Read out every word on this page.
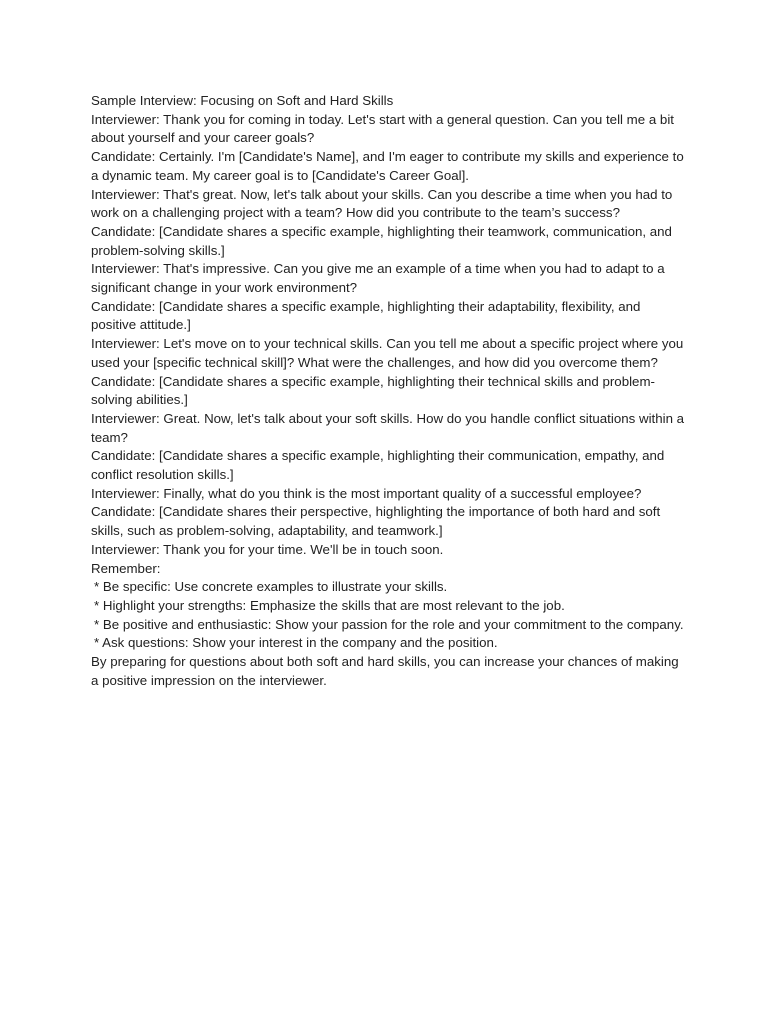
Sample Interview: Focusing on Soft and Hard Skills

Interviewer: Thank you for coming in today. Let's start with a general question. Can you tell me a bit about yourself and your career goals?

Candidate: Certainly. I'm [Candidate's Name], and I'm eager to contribute my skills and experience to a dynamic team. My career goal is to [Candidate's Career Goal].

Interviewer: That's great. Now, let's talk about your skills. Can you describe a time when you had to work on a challenging project with a team? How did you contribute to the team’s success?

Candidate: [Candidate shares a specific example, highlighting their teamwork, communication, and problem-solving skills.]

Interviewer: That's impressive. Can you give me an example of a time when you had to adapt to a significant change in your work environment?

Candidate: [Candidate shares a specific example, highlighting their adaptability, flexibility, and positive attitude.]

Interviewer: Let's move on to your technical skills. Can you tell me about a specific project where you used your [specific technical skill]? What were the challenges, and how did you overcome them?

Candidate: [Candidate shares a specific example, highlighting their technical skills and problem-solving abilities.]

Interviewer: Great. Now, let's talk about your soft skills. How do you handle conflict situations within a team?

Candidate: [Candidate shares a specific example, highlighting their communication, empathy, and conflict resolution skills.]

Interviewer: Finally, what do you think is the most important quality of a successful employee?

Candidate: [Candidate shares their perspective, highlighting the importance of both hard and soft skills, such as problem-solving, adaptability, and teamwork.]

Interviewer: Thank you for your time. We'll be in touch soon.

Remember:

* Be specific: Use concrete examples to illustrate your skills.

* Highlight your strengths: Emphasize the skills that are most relevant to the job.

* Be positive and enthusiastic: Show your passion for the role and your commitment to the company.

* Ask questions: Show your interest in the company and the position.

By preparing for questions about both soft and hard skills, you can increase your chances of making a positive impression on the interviewer.
